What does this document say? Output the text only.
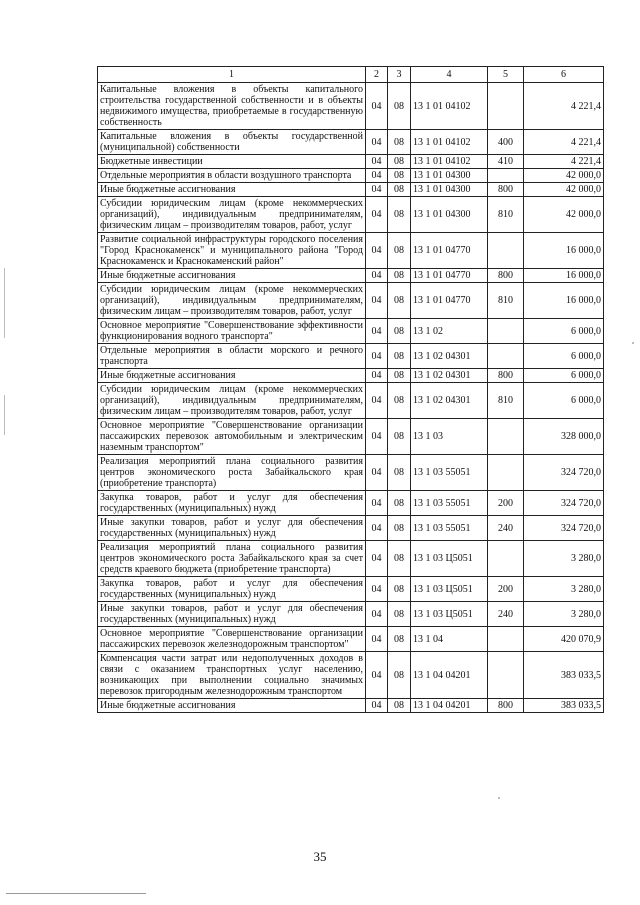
1	2	3	4	5	6
Капитальные вложения в объекты капитального строительства государственной собственности и в объекты недвижимого имущества, приобретаемые в государственную собственность	04	08	13 1 01 04102		4 221,4
Капитальные вложения в объекты государственной (муниципальной) собственности	04	08	13 1 01 04102	400	4 221,4
Бюджетные инвестиции	04	08	13 1 01 04102	410	4 221,4
Отдельные мероприятия в области воздушного транспорта	04	08	13 1 01 04300		42 000,0
Иные бюджетные ассигнования	04	08	13 1 01 04300	800	42 000,0
Субсидии юридическим лицам (кроме некоммерческих организаций), индивидуальным предпринимателям, физическим лицам – производителям товаров, работ, услуг	04	08	13 1 01 04300	810	42 000,0
Развитие социальной инфраструктуры городского поселения "Город Краснокаменск" и муниципального района "Город Краснокаменск и Краснокаменский район"	04	08	13 1 01 04770		16 000,0
Иные бюджетные ассигнования	04	08	13 1 01 04770	800	16 000,0
Субсидии юридическим лицам (кроме некоммерческих организаций), индивидуальным предпринимателям, физическим лицам – производителям товаров, работ, услуг	04	08	13 1 01 04770	810	16 000,0
Основное мероприятие "Совершенствование эффективности функционирования водного транспорта"	04	08	13 1 02		6 000,0
Отдельные мероприятия в области морского и речного транспорта	04	08	13 1 02 04301		6 000,0
Иные бюджетные ассигнования	04	08	13 1 02 04301	800	6 000,0
Субсидии юридическим лицам (кроме некоммерческих организаций), индивидуальным предпринимателям, физическим лицам – производителям товаров, работ, услуг	04	08	13 1 02 04301	810	6 000,0
Основное мероприятие "Совершенствование организации пассажирских перевозок автомобильным и электрическим наземным транспортом"	04	08	13 1 03		328 000,0
Реализация мероприятий плана социального развития центров экономического роста Забайкальского края (приобретение транспорта)	04	08	13 1 03 55051		324 720,0
Закупка товаров, работ и услуг для обеспечения государственных (муниципальных) нужд	04	08	13 1 03 55051	200	324 720,0
Иные закупки товаров, работ и услуг для обеспечения государственных (муниципальных) нужд	04	08	13 1 03 55051	240	324 720,0
Реализация мероприятий плана социального развития центров экономического роста Забайкальского края за счет средств краевого бюджета (приобретение транспорта)	04	08	13 1 03 Ц5051		3 280,0
Закупка товаров, работ и услуг для обеспечения государственных (муниципальных) нужд	04	08	13 1 03 Ц5051	200	3 280,0
Иные закупки товаров, работ и услуг для обеспечения государственных (муниципальных) нужд	04	08	13 1 03 Ц5051	240	3 280,0
Основное мероприятие "Совершенствование организации пассажирских перевозок железнодорожным транспортом"	04	08	13 1 04		420 070,9
Компенсация части затрат или недополученных доходов в связи с оказанием транспортных услуг населению, возникающих при выполнении социально значимых перевозок пригородным железнодорожным транспортом	04	08	13 1 04 04201		383 033,5
Иные бюджетные ассигнования	04	08	13 1 04 04201	800	383 033,5
35
